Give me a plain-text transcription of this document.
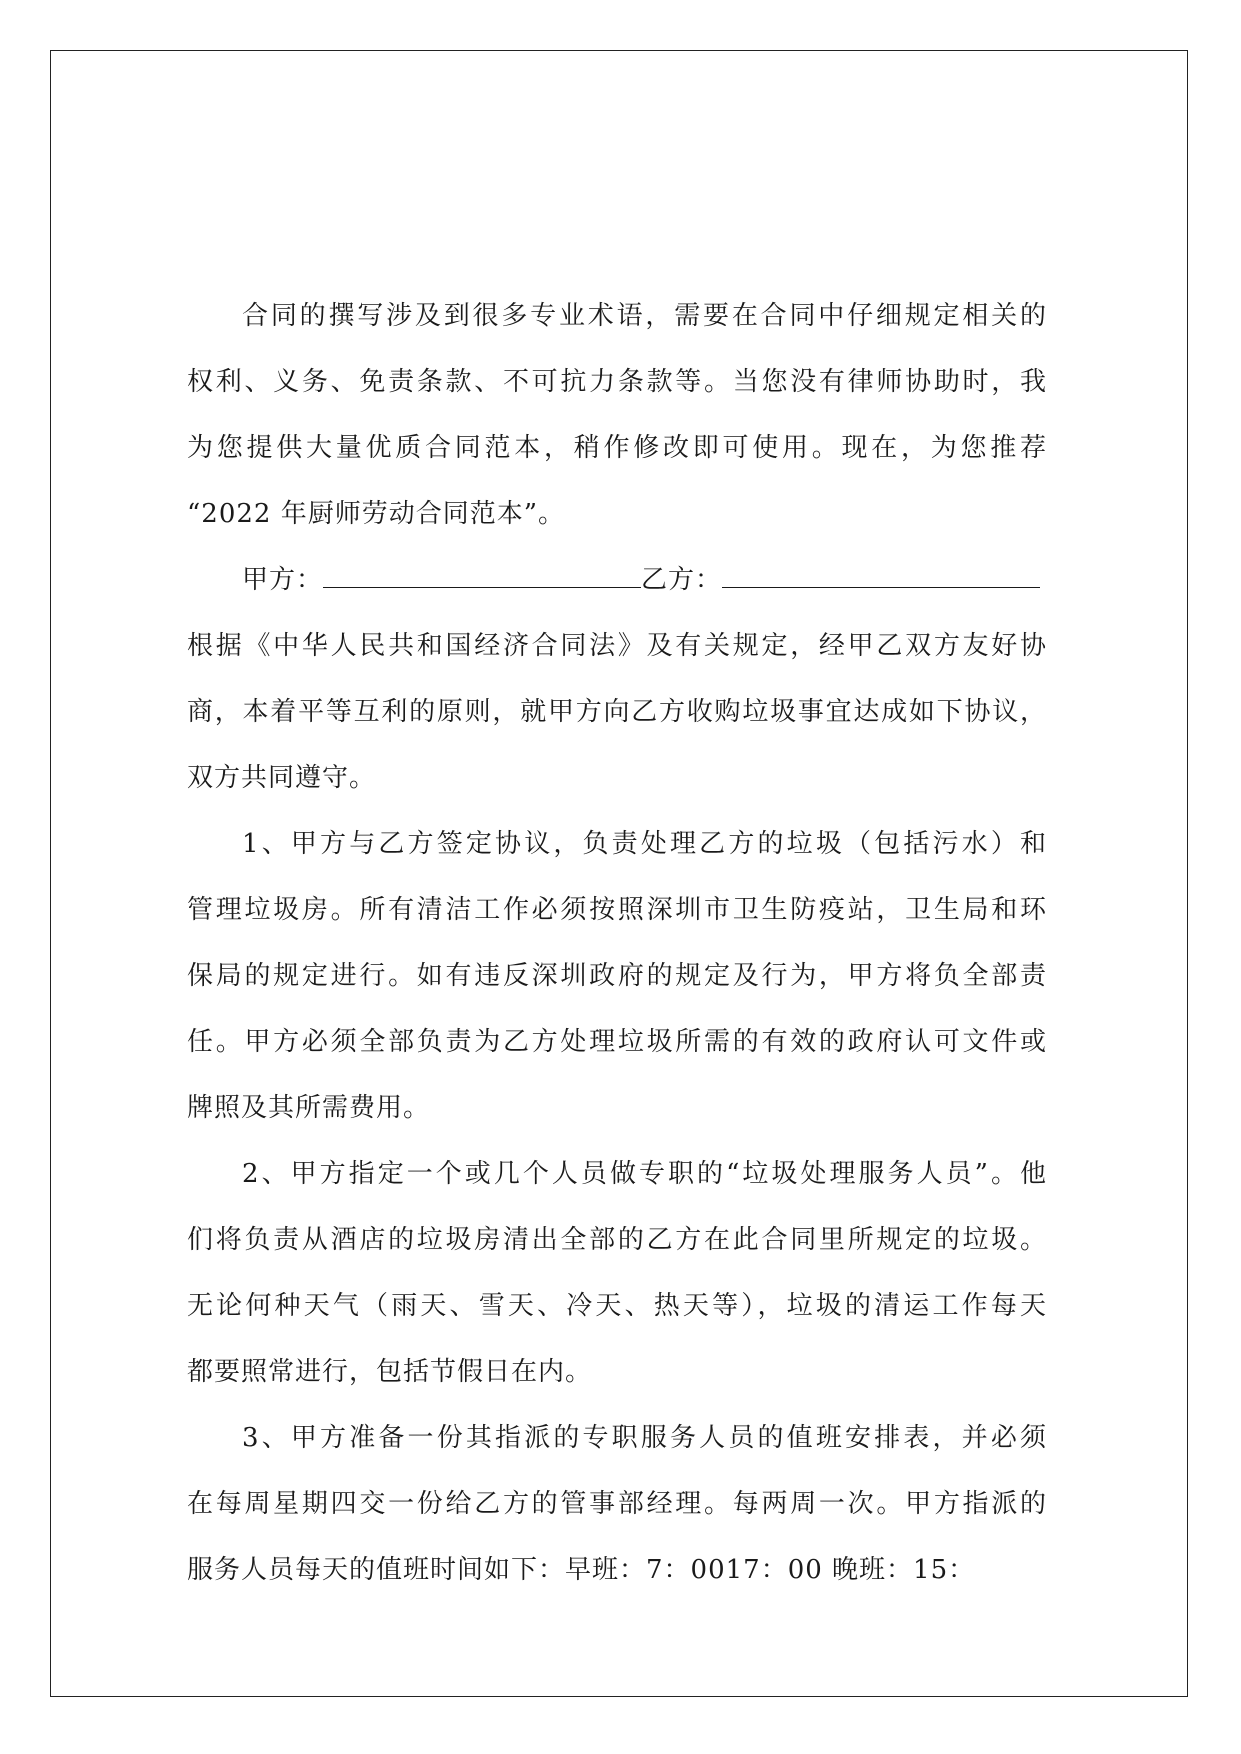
合同的撰写涉及到很多专业术语，需要在合同中仔细规定相关的
权利、义务、免责条款、不可抗力条款等。当您没有律师协助时，我
为您提供大量优质合同范本，稍作修改即可使用。现在，为您推荐
“2022 年厨师劳动合同范本”。
甲方：	乙方：
根据《中华人民共和国经济合同法》及有关规定，经甲乙双方友好协
商，本着平等互利的原则，就甲方向乙方收购垃圾事宜达成如下协议，
双方共同遵守。
1、甲方与乙方签定协议，负责处理乙方的垃圾（包括污水）和
管理垃圾房。所有清洁工作必须按照深圳市卫生防疫站，卫生局和环
保局的规定进行。如有违反深圳政府的规定及行为，甲方将负全部责
任。甲方必须全部负责为乙方处理垃圾所需的有效的政府认可文件或
牌照及其所需费用。
2、甲方指定一个或几个人员做专职的“垃圾处理服务人员”。他
们将负责从酒店的垃圾房清出全部的乙方在此合同里所规定的垃圾。
无论何种天气（雨天、雪天、冷天、热天等），垃圾的清运工作每天
都要照常进行，包括节假日在内。
3、甲方准备一份其指派的专职服务人员的值班安排表，并必须
在每周星期四交一份给乙方的管事部经理。每两周一次。甲方指派的
服务人员每天的值班时间如下：早班：7：0017：00 晚班：15：
